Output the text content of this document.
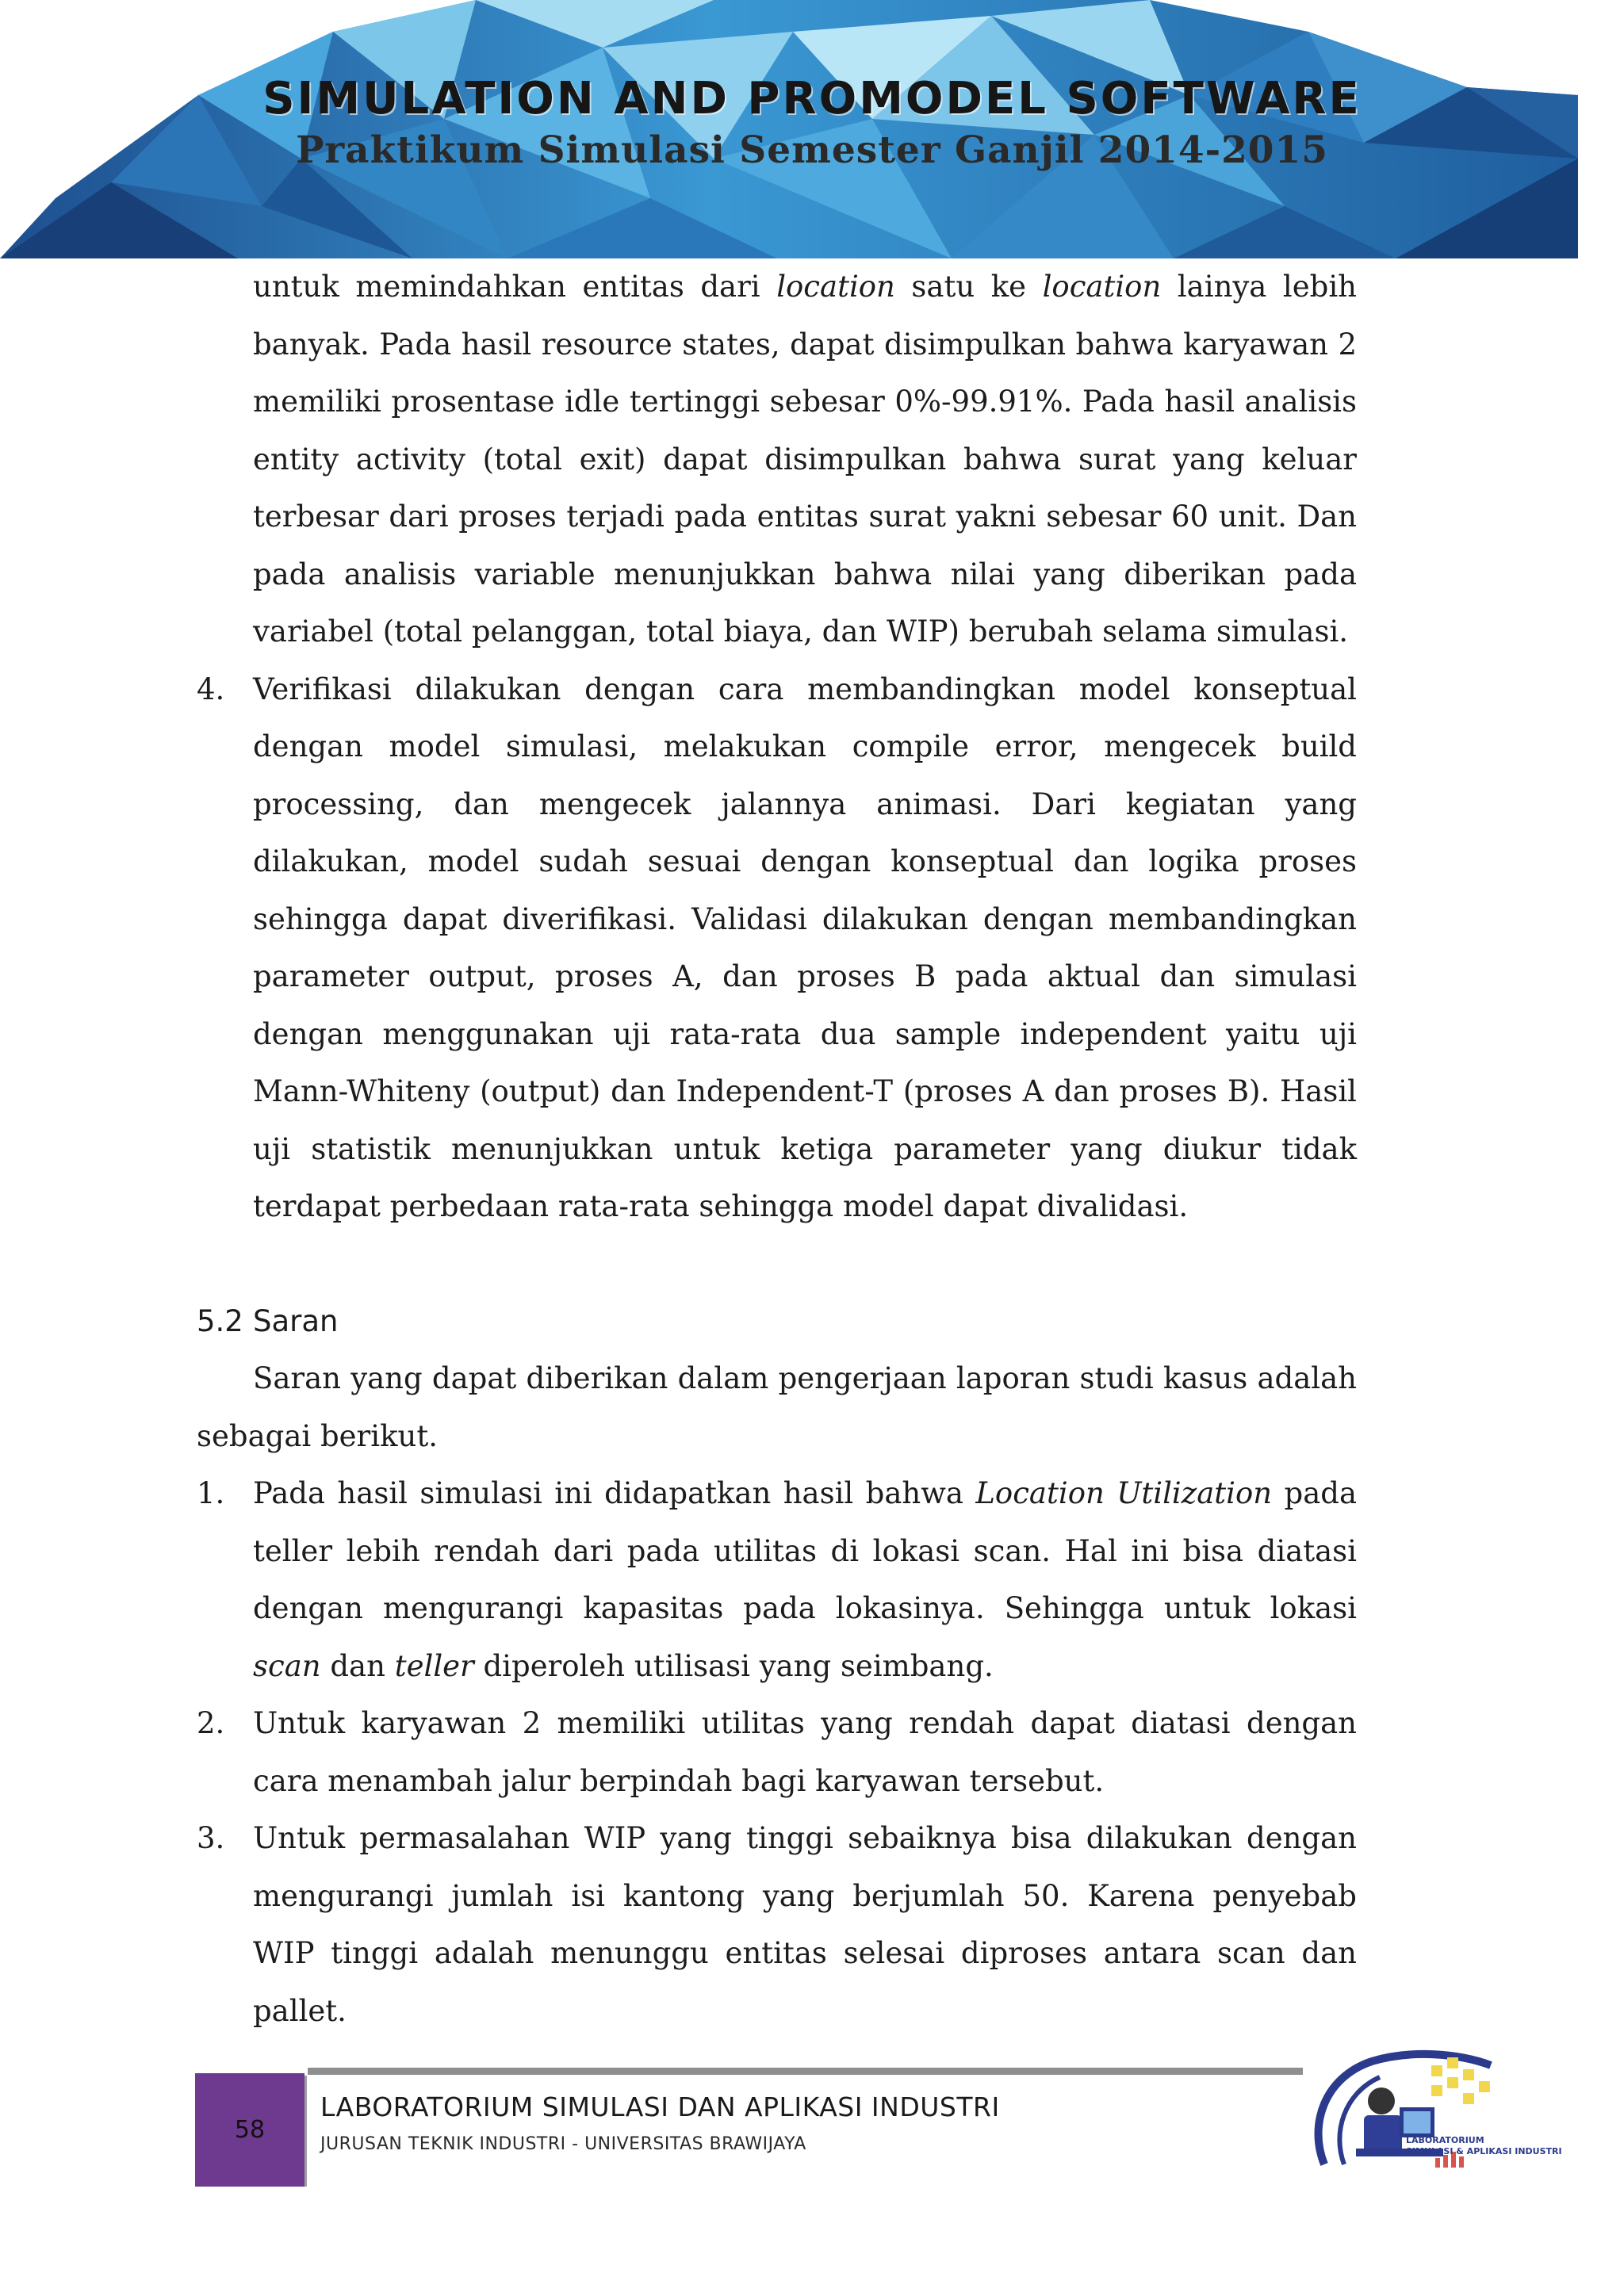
SIMULATION AND PROMODEL SOFTWARE
Praktikum Simulasi Semester Ganjil 2014-2015

untuk memindahkan entitas dari location satu ke location lainya lebih banyak. Pada hasil resource states, dapat disimpulkan bahwa karyawan 2 memiliki prosentase idle tertinggi sebesar 0%-99.91%. Pada hasil analisis entity activity (total exit) dapat disimpulkan bahwa surat yang keluar terbesar dari proses terjadi pada entitas surat yakni sebesar 60 unit. Dan pada analisis variable menunjukkan bahwa nilai yang diberikan pada variabel (total pelanggan, total biaya, dan WIP) berubah selama simulasi.

4. Verifikasi dilakukan dengan cara membandingkan model konseptual dengan model simulasi, melakukan compile error, mengecek build processing, dan mengecek jalannya animasi. Dari kegiatan yang dilakukan, model sudah sesuai dengan konseptual dan logika proses sehingga dapat diverifikasi. Validasi dilakukan dengan membandingkan parameter output, proses A, dan proses B pada aktual dan simulasi dengan menggunakan uji rata-rata dua sample independent yaitu uji Mann-Whiteny (output) dan Independent-T (proses A dan proses B). Hasil uji statistik menunjukkan untuk ketiga parameter yang diukur tidak terdapat perbedaan rata-rata sehingga model dapat divalidasi.

5.2 Saran

Saran yang dapat diberikan dalam pengerjaan laporan studi kasus adalah sebagai berikut.

1. Pada hasil simulasi ini didapatkan hasil bahwa Location Utilization pada teller lebih rendah dari pada utilitas di lokasi scan. Hal ini bisa diatasi dengan mengurangi kapasitas pada lokasinya. Sehingga untuk lokasi scan dan teller diperoleh utilisasi yang seimbang.

2. Untuk karyawan 2 memiliki utilitas yang rendah dapat diatasi dengan cara menambah jalur berpindah bagi karyawan tersebut.

3. Untuk permasalahan WIP yang tinggi sebaiknya bisa dilakukan dengan mengurangi jumlah isi kantong yang berjumlah 50. Karena penyebab WIP tinggi adalah menunggu entitas selesai diproses antara scan dan pallet.

58
LABORATORIUM SIMULASI DAN APLIKASI INDUSTRI
JURUSAN TEKNIK INDUSTRI - UNIVERSITAS BRAWIJAYA	LABORATORIUM
SIMULASI & APLIKASI INDUSTRI
